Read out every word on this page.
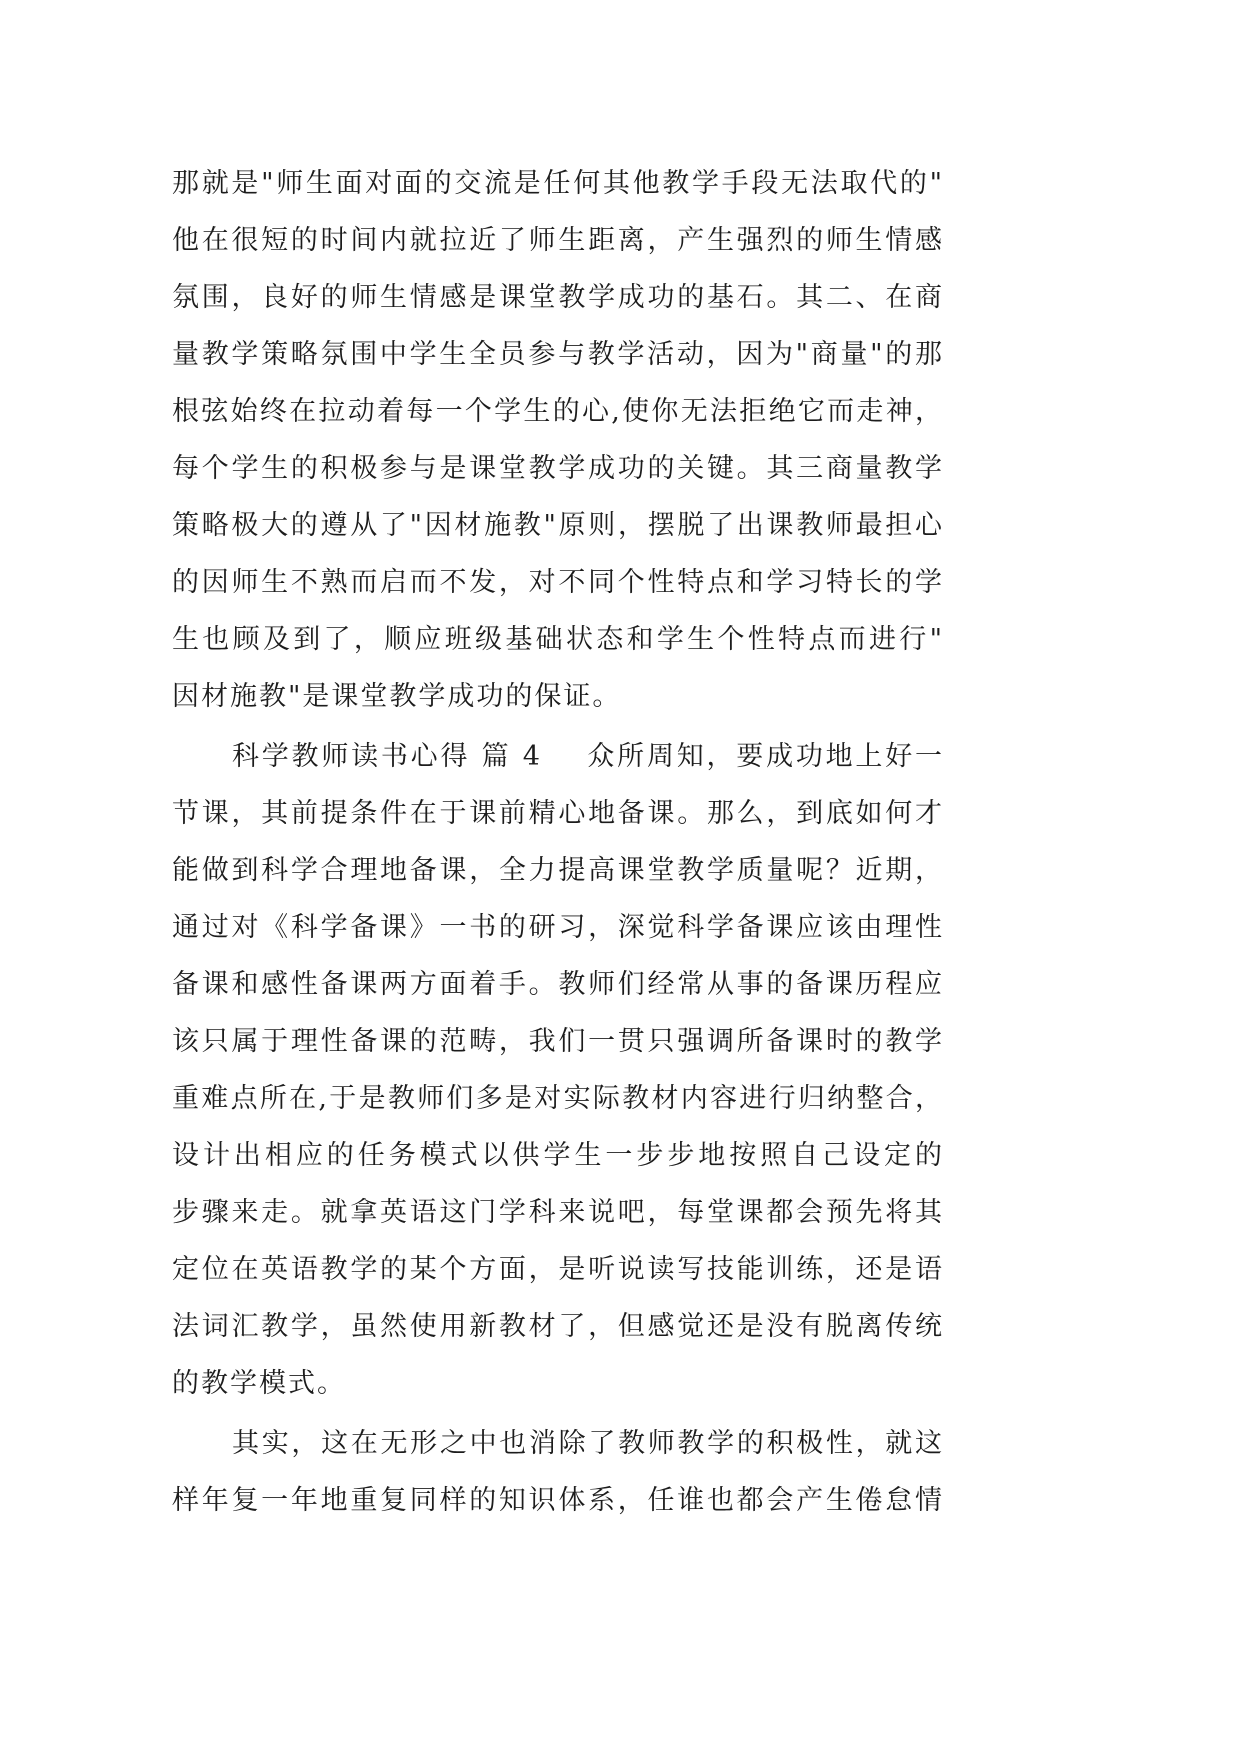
那就是"师生面对面的交流是任何其他教学手段无法取代的"
他在很短的时间内就拉近了师生距离，产生强烈的师生情感
氛围，良好的师生情感是课堂教学成功的基石。其二、在商
量教学策略氛围中学生全员参与教学活动，因为"商量"的那
根弦始终在拉动着每一个学生的心,使你无法拒绝它而走神，
每个学生的积极参与是课堂教学成功的关键。其三商量教学
策略极大的遵从了"因材施教"原则，摆脱了出课教师最担心
的因师生不熟而启而不发，对不同个性特点和学习特长的学
生也顾及到了，顺应班级基础状态和学生个性特点而进行"
因材施教"是课堂教学成功的保证。
科学教师读书心得 篇 4    众所周知，要成功地上好一
节课，其前提条件在于课前精心地备课。那么，到底如何才
能做到科学合理地备课，全力提高课堂教学质量呢？近期，
通过对《科学备课》一书的研习，深觉科学备课应该由理性
备课和感性备课两方面着手。教师们经常从事的备课历程应
该只属于理性备课的范畴，我们一贯只强调所备课时的教学
重难点所在,于是教师们多是对实际教材内容进行归纳整合，
设计出相应的任务模式以供学生一步步地按照自己设定的
步骤来走。就拿英语这门学科来说吧，每堂课都会预先将其
定位在英语教学的某个方面，是听说读写技能训练，还是语
法词汇教学，虽然使用新教材了，但感觉还是没有脱离传统
的教学模式。
其实，这在无形之中也消除了教师教学的积极性，就这
样年复一年地重复同样的知识体系，任谁也都会产生倦怠情
